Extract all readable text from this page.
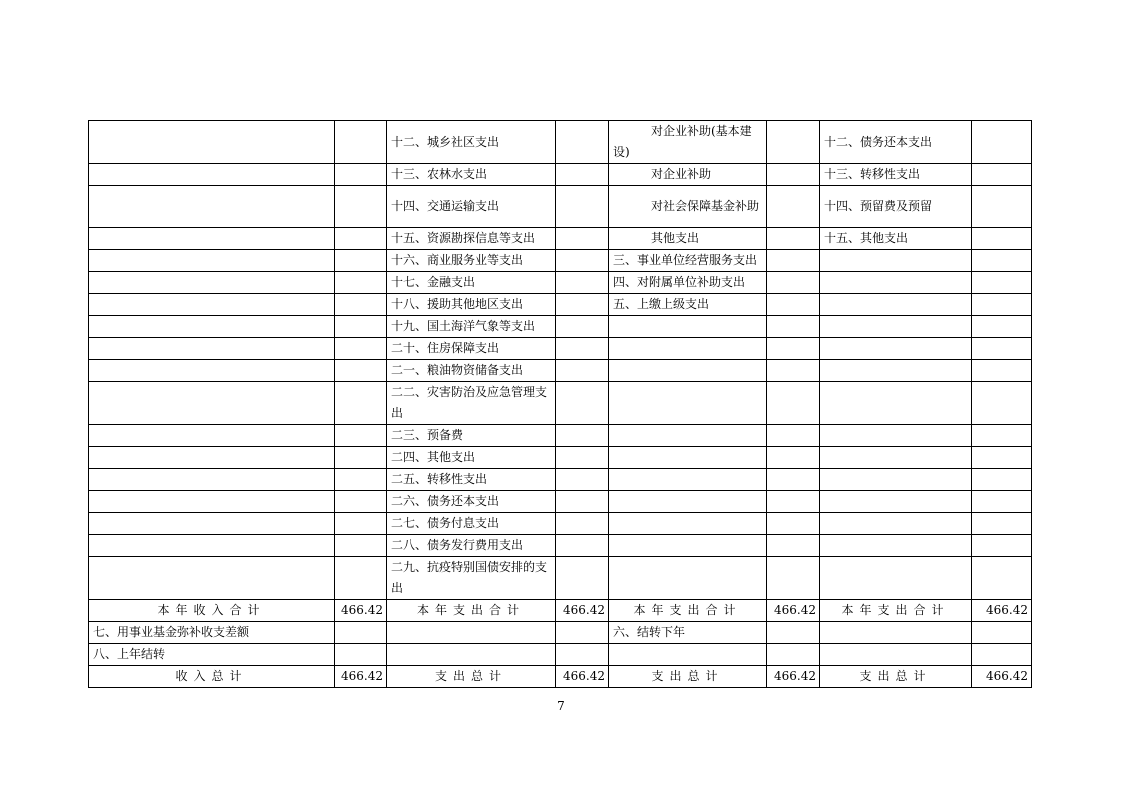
		十二、城乡社区支出		对企业补助(基本建设)		十二、债务还本支出	
		十三、农林水支出		对企业补助		十三、转移性支出	
		十四、交通运输支出		对社会保障基金补助		十四、预留费及预留	
		十五、资源勘探信息等支出		其他支出		十五、其他支出	
		十六、商业服务业等支出		三、事业单位经营服务支出			
		十七、金融支出		四、对附属单位补助支出			
		十八、援助其他地区支出		五、上缴上级支出			
		十九、国土海洋气象等支出					
		二十、住房保障支出					
		二一、粮油物资储备支出					
		二二、灾害防治及应急管理支出					
		二三、预备费					
		二四、其他支出					
		二五、转移性支出					
		二六、债务还本支出					
		二七、债务付息支出					
		二八、债务发行费用支出					
		二九、抗疫特别国债安排的支出					
本年收入合计	466.42	本年支出合计	466.42	本年支出合计	466.42	本年支出合计	466.42
七、用事业基金弥补收支差额				六、结转下年			
八、上年结转							
收入总计	466.42	支出总计	466.42	支出总计	466.42	支出总计	466.42
7
